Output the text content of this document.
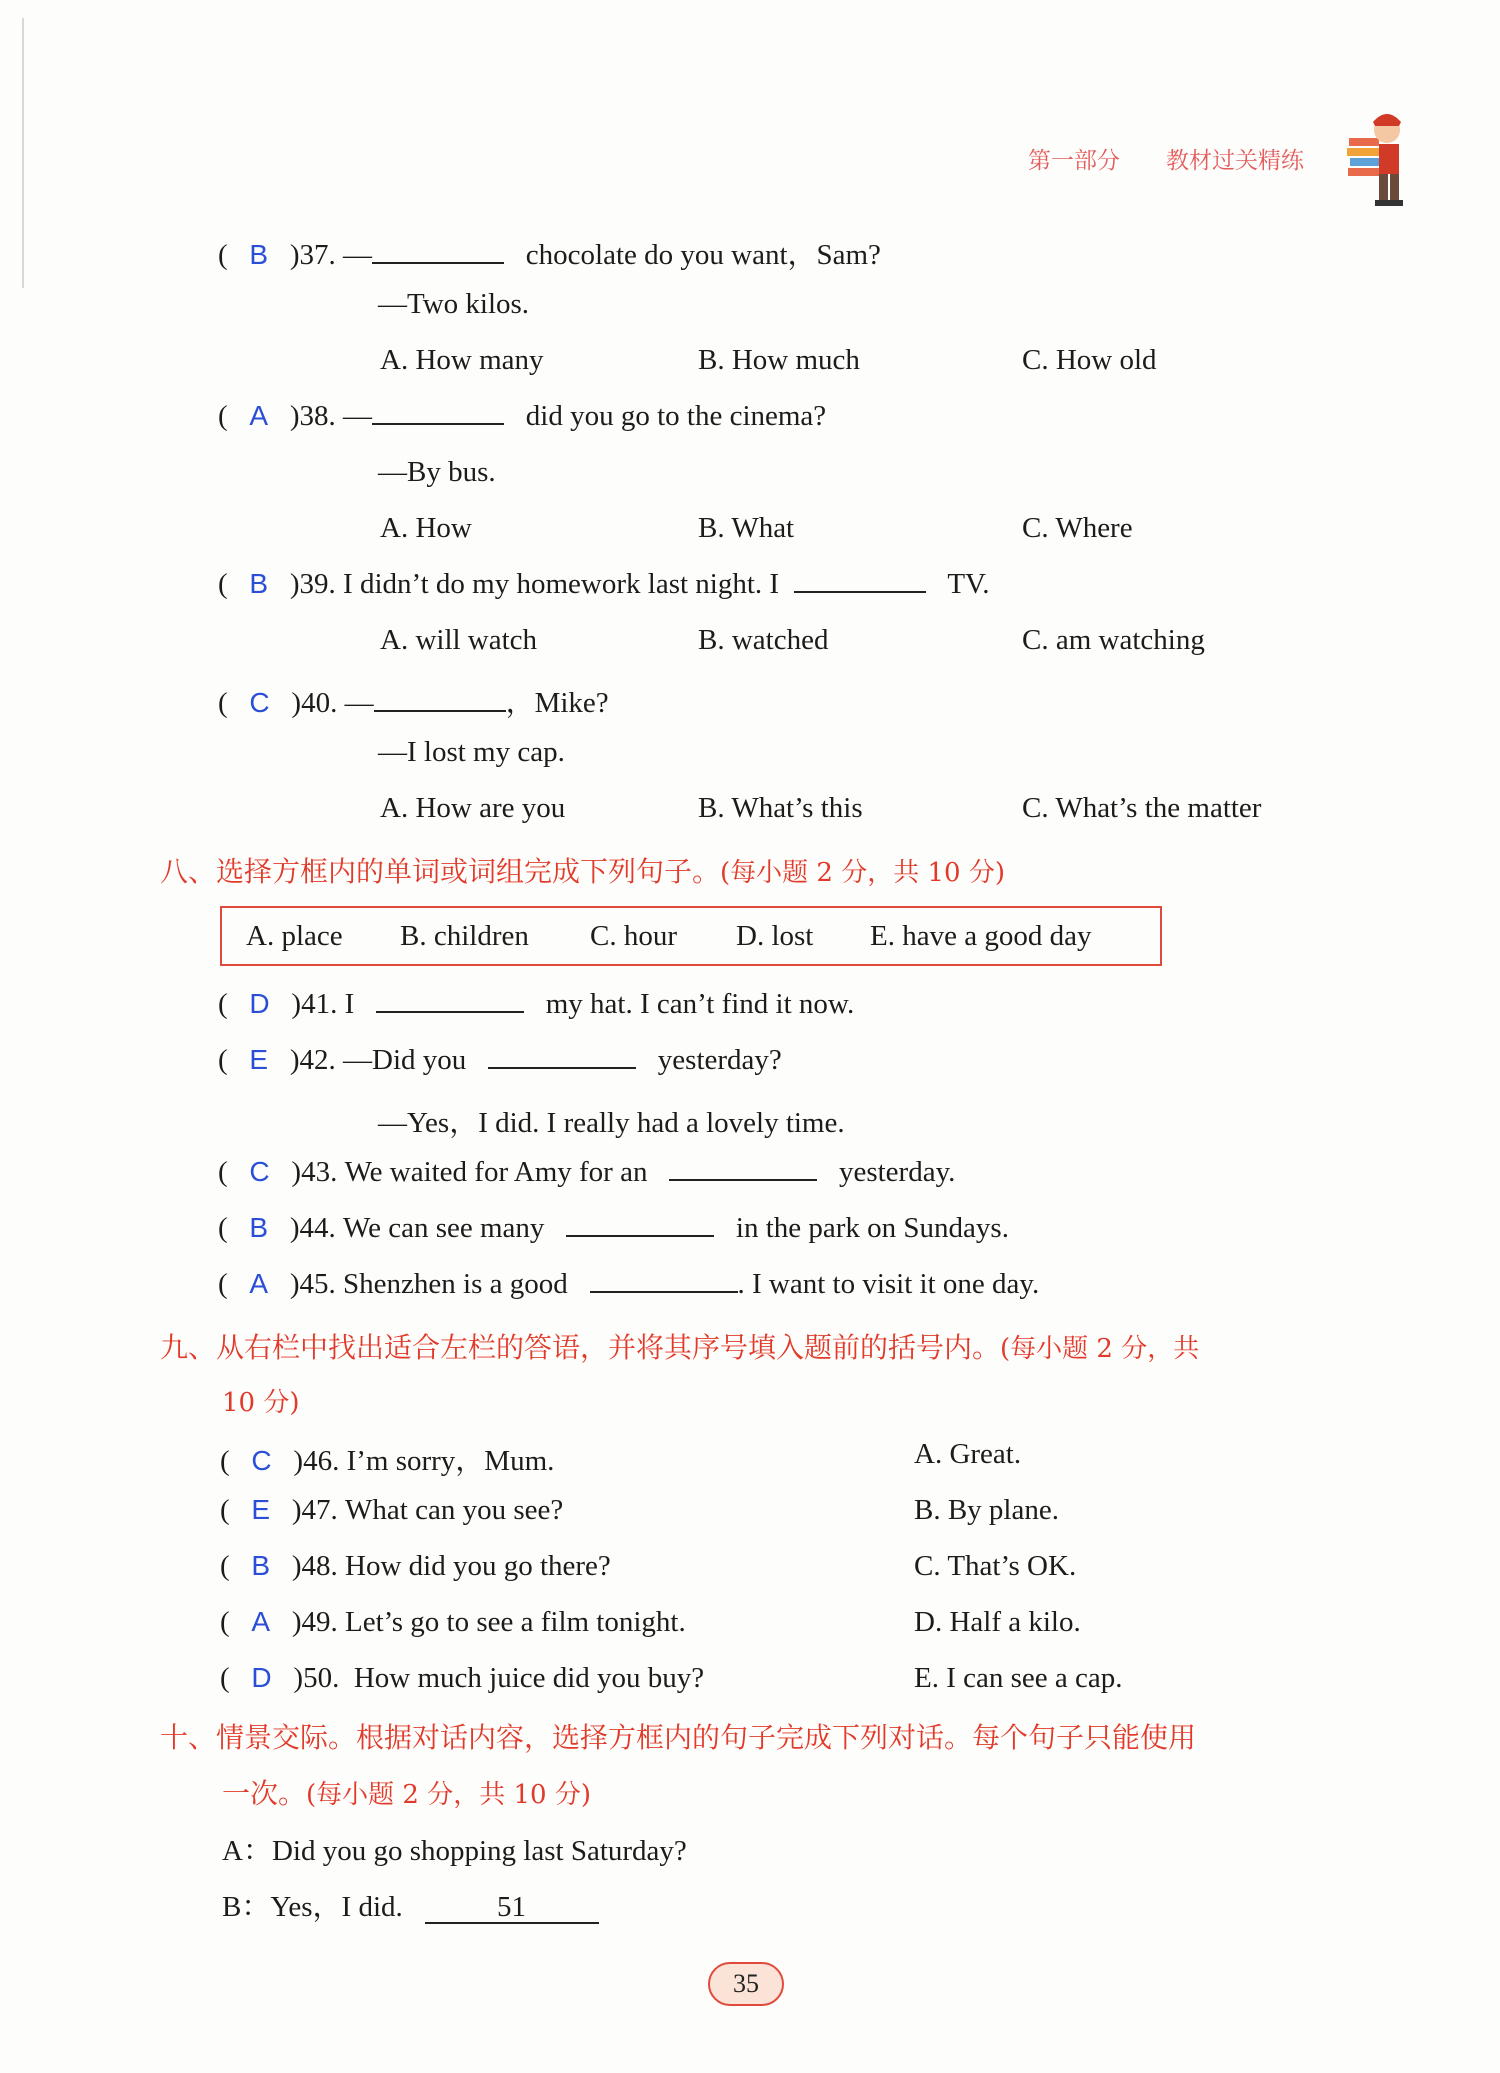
第一部分 教材过关精练
(   B )37. —	chocolate do you want，Sam?
—Two kilos.
A. How many	B. How much	C. How old
(   A )38. —	did you go to the cinema?
—By bus.
A. How	B. What	C. Where
(   B )39. I didn’t do my homework last night. I	TV.
A. will watch	B. watched	C. am watching
(   C )40. —	，Mike?
—I lost my cap.
A. How are you	B. What’s this	C. What’s the matter
八、选择方框内的单词或词组完成下列句子。(每小题 2 分，共 10 分)
A. place B. children C. hour D. lost E. have a good day
(   D )41. I	my hat. I can’t find it now.
(   E )42. —Did you	yesterday?
—Yes，I did. I really had a lovely time.
(   C )43. We waited for Amy for an	yesterday.
(   B )44. We can see many	in the park on Sundays.
(   A )45. Shenzhen is a good	. I want to visit it one day.
九、从右栏中找出适合左栏的答语，并将其序号填入题前的括号内。(每小题 2 分，共
10 分)
(   C )46. I’m sorry，Mum.	A. Great.
(   E )47. What can you see?	B. By plane.
(   B )48. How did you go there?	C. That’s OK.
(   A )49. Let’s go to see a film tonight.	D. Half a kilo.
(   D )50.  How much juice did you buy?	E. I can see a cap.
十、情景交际。根据对话内容，选择方框内的句子完成下列对话。每个句子只能使用
一次。(每小题 2 分，共 10 分)
A：Did you go shopping last Saturday?
B：Yes，I did.	51
35
